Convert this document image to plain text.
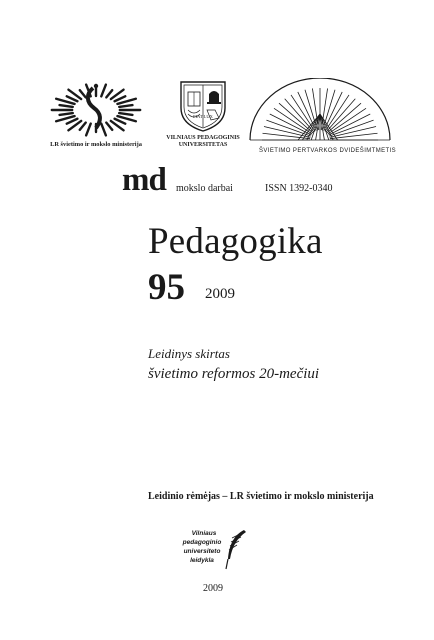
LR švietimo ir mokslo ministerija
FIAT LUX
VILNIAUS PEDAGOGINIS
UNIVERSITETAS
ŠVIETIMO PERTVARKOS DVIDEŠIMTMETIS
md mokslo darbai	ISSN 1392-0340
Pedagogika
95 2009
Leidinys skirtas
švietimo reformos 20-mečiui
Leidinio rėmėjas – LR švietimo ir mokslo ministerija
Vilniaus
pedagoginio
universiteto
leidykla
2009
